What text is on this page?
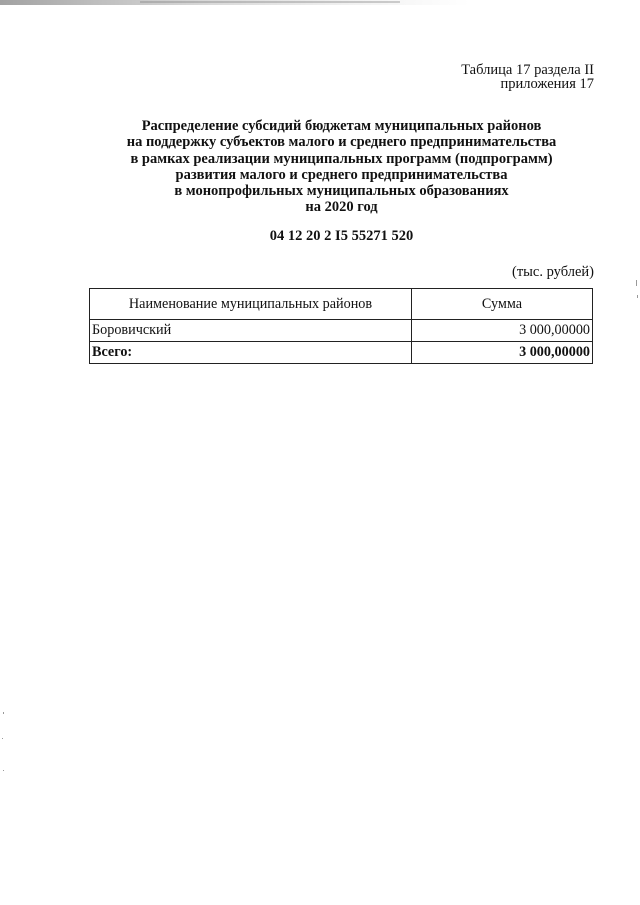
Таблица 17 раздела II
приложения 17
Распределение субсидий бюджетам муниципальных районов
на поддержку субъектов малого и среднего предпринимательства
в рамках реализации муниципальных программ (подпрограмм)
развития малого и среднего предпринимательства
в монопрофильных муниципальных образованиях
на 2020 год
04 12 20 2 I5 55271 520
(тыс. рублей)
Наименование муниципальных районов	Сумма
Боровичский	3 000,00000
Всего:	3 000,00000
